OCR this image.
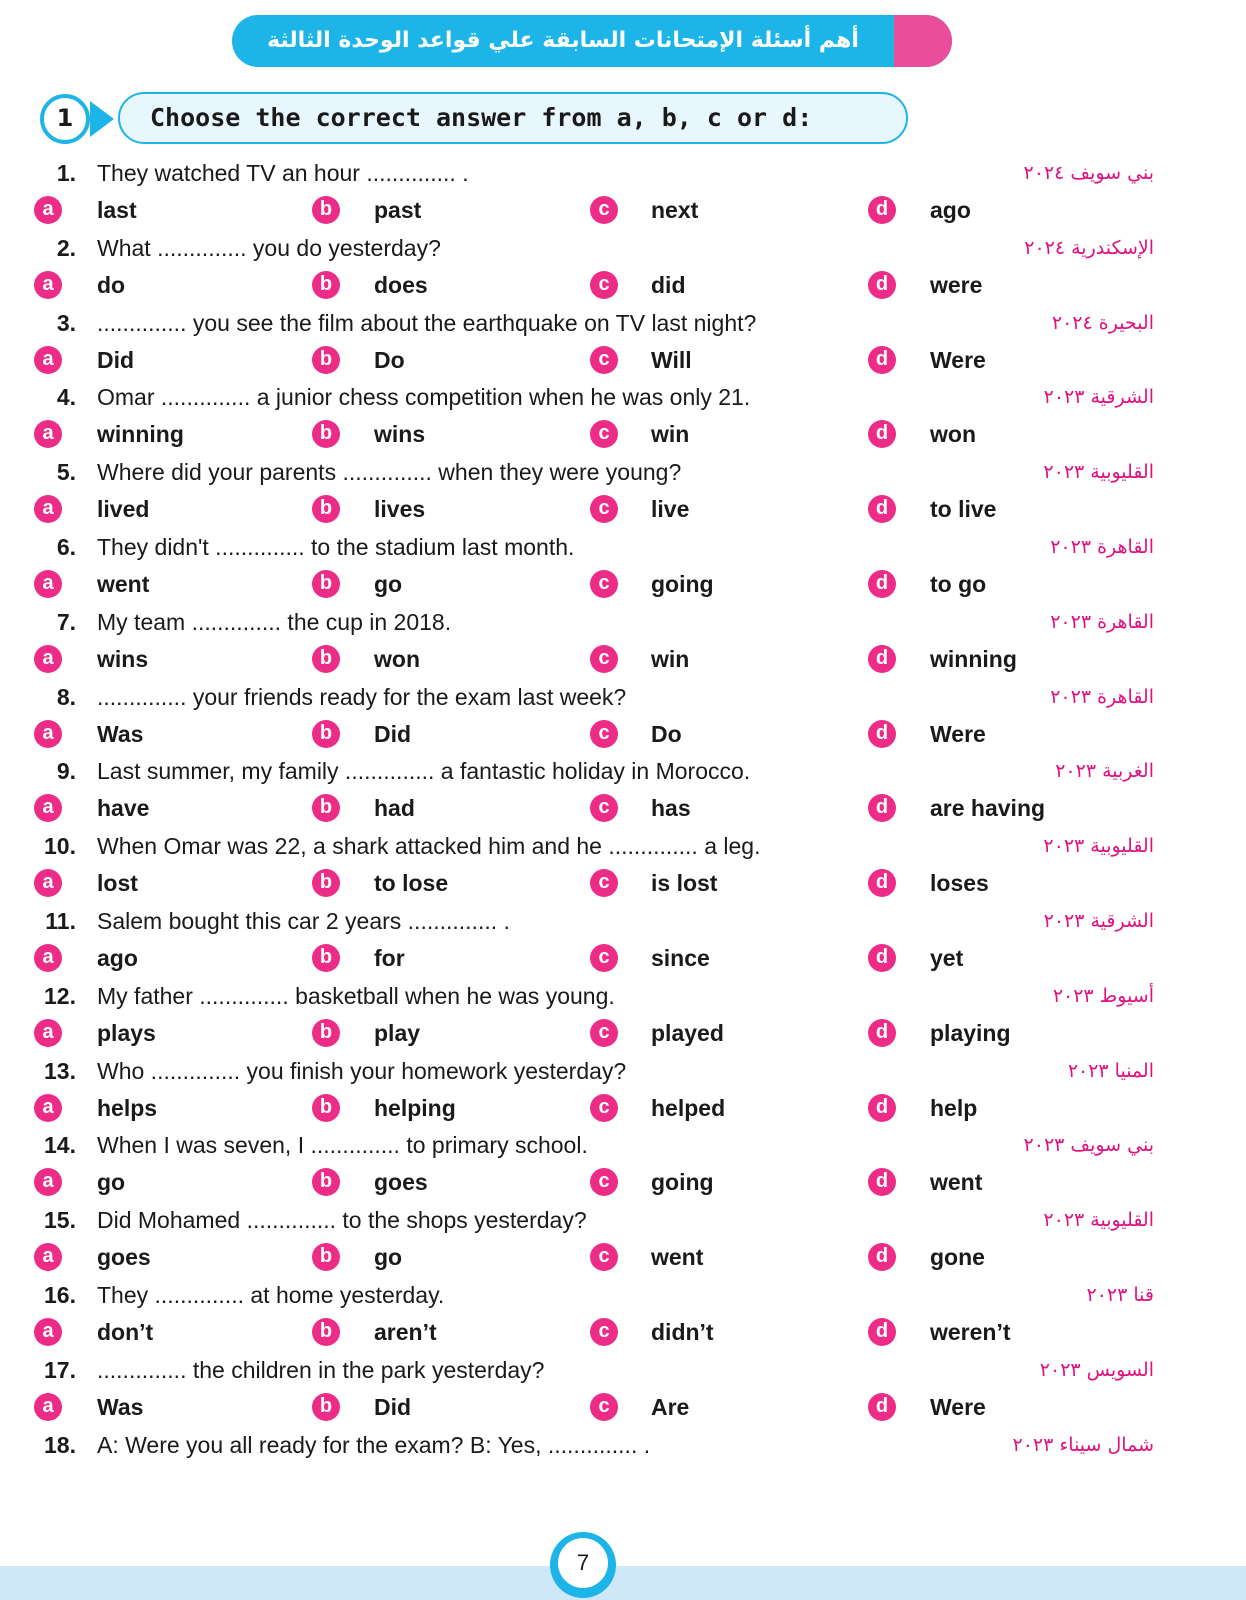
أهم أسئلة الإمتحانات السابقة علي قواعد الوحدة الثالثة
1	Choose the correct answer from a, b, c or d:
1. They watched TV an hour .............. .	بني سويف ٢٠٢٤
a	last	b	past	c	next	d	ago
2. What .............. you do yesterday?	الإسكندرية ٢٠٢٤
a	do	b	does	c	did	d	were
3. .............. you see the film about the earthquake on TV last night?	البحيرة ٢٠٢٤
a	Did	b	Do	c	Will	d	Were
4. Omar .............. a junior chess competition when he was only 21.	الشرقية ٢٠٢٣
a	winning	b	wins	c	win	d	won
5. Where did your parents .............. when they were young?	القليوبية ٢٠٢٣
a	lived	b	lives	c	live	d	to live
6. They didn't .............. to the stadium last month.	القاهرة ٢٠٢٣
a	went	b	go	c	going	d	to go
7. My team .............. the cup in 2018.	القاهرة ٢٠٢٣
a	wins	b	won	c	win	d	winning
8. .............. your friends ready for the exam last week?	القاهرة ٢٠٢٣
a	Was	b	Did	c	Do	d	Were
9. Last summer, my family .............. a fantastic holiday in Morocco.	الغربية ٢٠٢٣
a	have	b	had	c	has	d	are having
10. When Omar was 22, a shark attacked him and he .............. a leg.	القليوبية ٢٠٢٣
a	lost	b	to lose	c	is lost	d	loses
11. Salem bought this car 2 years .............. .	الشرقية ٢٠٢٣
a	ago	b	for	c	since	d	yet
12. My father .............. basketball when he was young.	أسيوط ٢٠٢٣
a	plays	b	play	c	played	d	playing
13. Who .............. you finish your homework yesterday?	المنيا ٢٠٢٣
a	helps	b	helping	c	helped	d	help
14. When I was seven, I .............. to primary school.	بني سويف ٢٠٢٣
a	go	b	goes	c	going	d	went
15. Did Mohamed .............. to the shops yesterday?	القليوبية ٢٠٢٣
a	goes	b	go	c	went	d	gone
16. They .............. at home yesterday.	قنا ٢٠٢٣
a	don’t	b	aren’t	c	didn’t	d	weren’t
17. .............. the children in the park yesterday?	السويس ٢٠٢٣
a	Was	b	Did	c	Are	d	Were
18. A: Were you all ready for the exam? B: Yes, .............. .	شمال سيناء ٢٠٢٣
7
